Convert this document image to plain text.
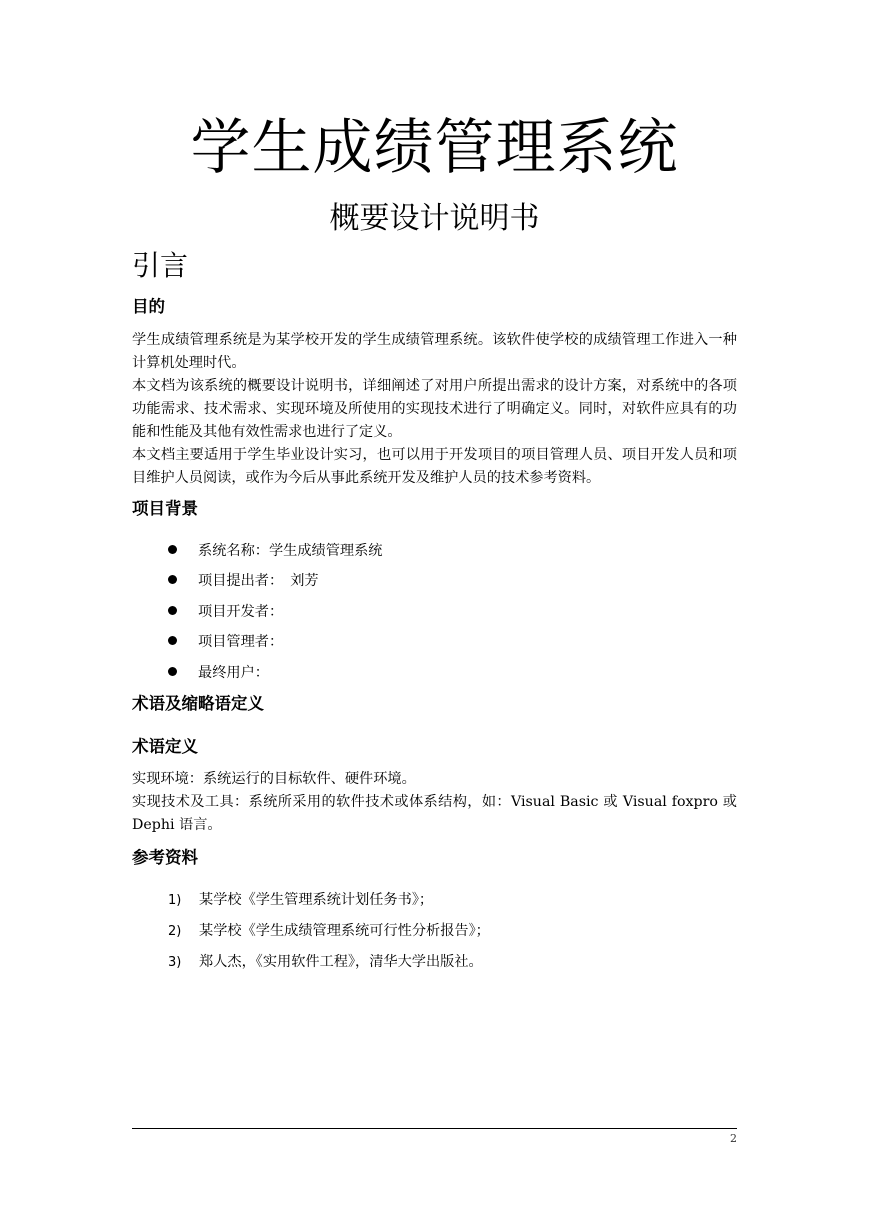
学生成绩管理系统
概要设计说明书
引言
目的
学生成绩管理系统是为某学校开发的学生成绩管理系统。该软件使学校的成绩管理工作进入一种计算机处理时代。
本文档为该系统的概要设计说明书，详细阐述了对用户所提出需求的设计方案，对系统中的各项功能需求、技术需求、实现环境及所使用的实现技术进行了明确定义。同时，对软件应具有的功能和性能及其他有效性需求也进行了定义。
本文档主要适用于学生毕业设计实习，也可以用于开发项目的项目管理人员、项目开发人员和项目维护人员阅读，或作为今后从事此系统开发及维护人员的技术参考资料。
项目背景
系统名称：学生成绩管理系统
项目提出者：　刘芳
项目开发者：
项目管理者：
最终用户：
术语及缩略语定义
术语定义
实现环境：系统运行的目标软件、硬件环境。
实现技术及工具：系统所采用的软件技术或体系结构，如：Visual Basic 或 Visual foxpro 或 Dephi 语言。
参考资料
1) 某学校《学生管理系统计划任务书》；
2) 某学校《学生成绩管理系统可行性分析报告》；
3) 郑人杰，《实用软件工程》，清华大学出版社。
2
